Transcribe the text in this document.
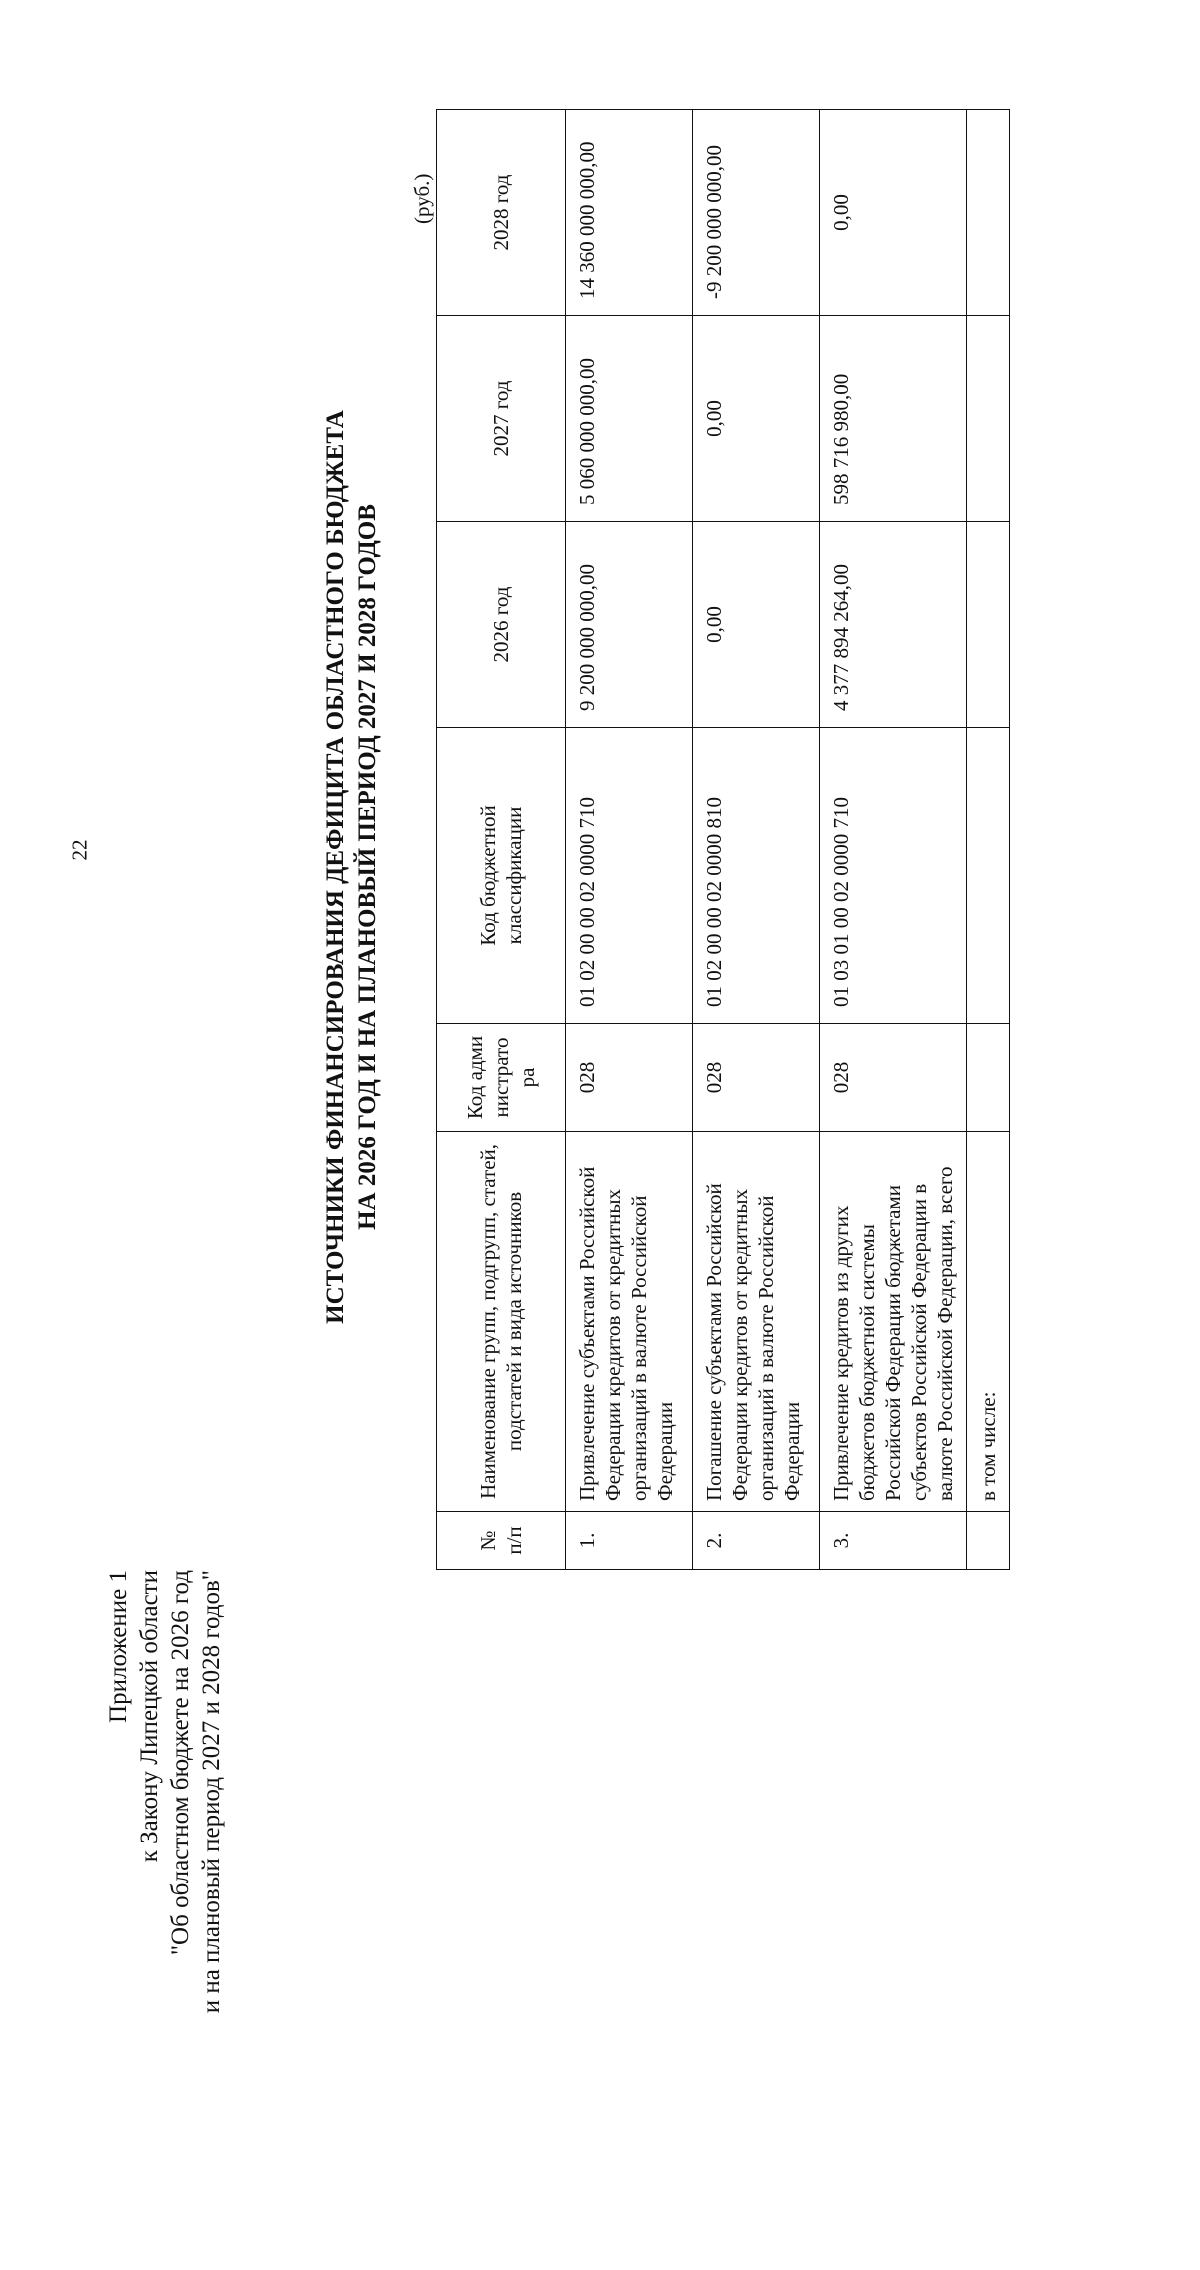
22
Приложение 1 к Закону Липецкой области "Об областном бюджете на 2026 год и на плановый период 2027 и 2028 годов"
ИСТОЧНИКИ ФИНАНСИРОВАНИЯ ДЕФИЦИТА ОБЛАСТНОГО БЮДЖЕТА НА 2026 ГОД И НА ПЛАНОВЫЙ ПЕРИОД 2027 И 2028 ГОДОВ
(руб.)
№ п/п	Наименование групп, подгрупп, статей, подстатей и вида источников	Код администратора	Код бюджетной классификации	2026 год	2027 год	2028 год
1.	Привлечение субъектами Российской Федерации кредитов от кредитных организаций в валюте Российской Федерации	028	01 02 00 00 02 0000 710	9 200 000 000,00	5 060 000 000,00	14 360 000 000,00
2.	Погашение субъектами Российской Федерации кредитов от кредитных организаций в валюте Российской Федерации	028	01 02 00 00 02 0000 810	0,00	0,00	-9 200 000 000,00
3.	Привлечение кредитов из других бюджетов бюджетной системы Российской Федерации бюджетами субъектов Российской Федерации в валюте Российской Федерации, всего	028	01 03 01 00 02 0000 710	4 377 894 264,00	598 716 980,00	0,00
	в том числе:					
